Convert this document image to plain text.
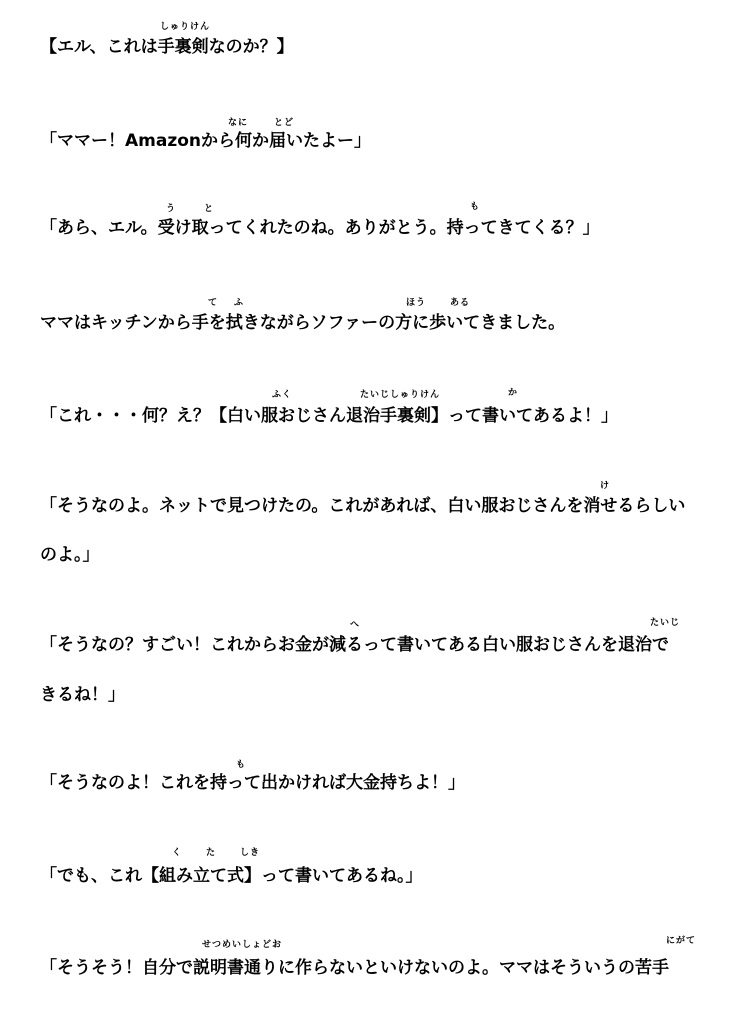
しゅりけん
【エル、これは手裏剣なのか？】
なに	とど
「ママー！Amazonから何か届いたよー」
う	と	も
「あら、エル。受け取ってくれたのね。ありがとう。持ってきてくる？」
て ふ	ほう	ある
ママはキッチンから手を拭きながらソファーの方に歩いてきました。
ふく	たいじしゅりけん	か
「これ・・・何？え？【白い服おじさん退治手裏剣】って書いてあるよ！」
け
「そうなのよ。ネットで見つけたの。これがあれば、白い服おじさんを消せるらしい
のよ。」
へ	たいじ
「そうなの？すごい！これからお金が減るって書いてある白い服おじさんを退治で
きるね！」
も
「そうなのよ！これを持って出かければ大金持ちよ！」
く	た	しき
「でも、これ【組み立て式】って書いてあるね。」
せつめいしょどお	にがて
「そうそう！自分で説明書通りに作らないといけないのよ。ママはそういうの苦手
